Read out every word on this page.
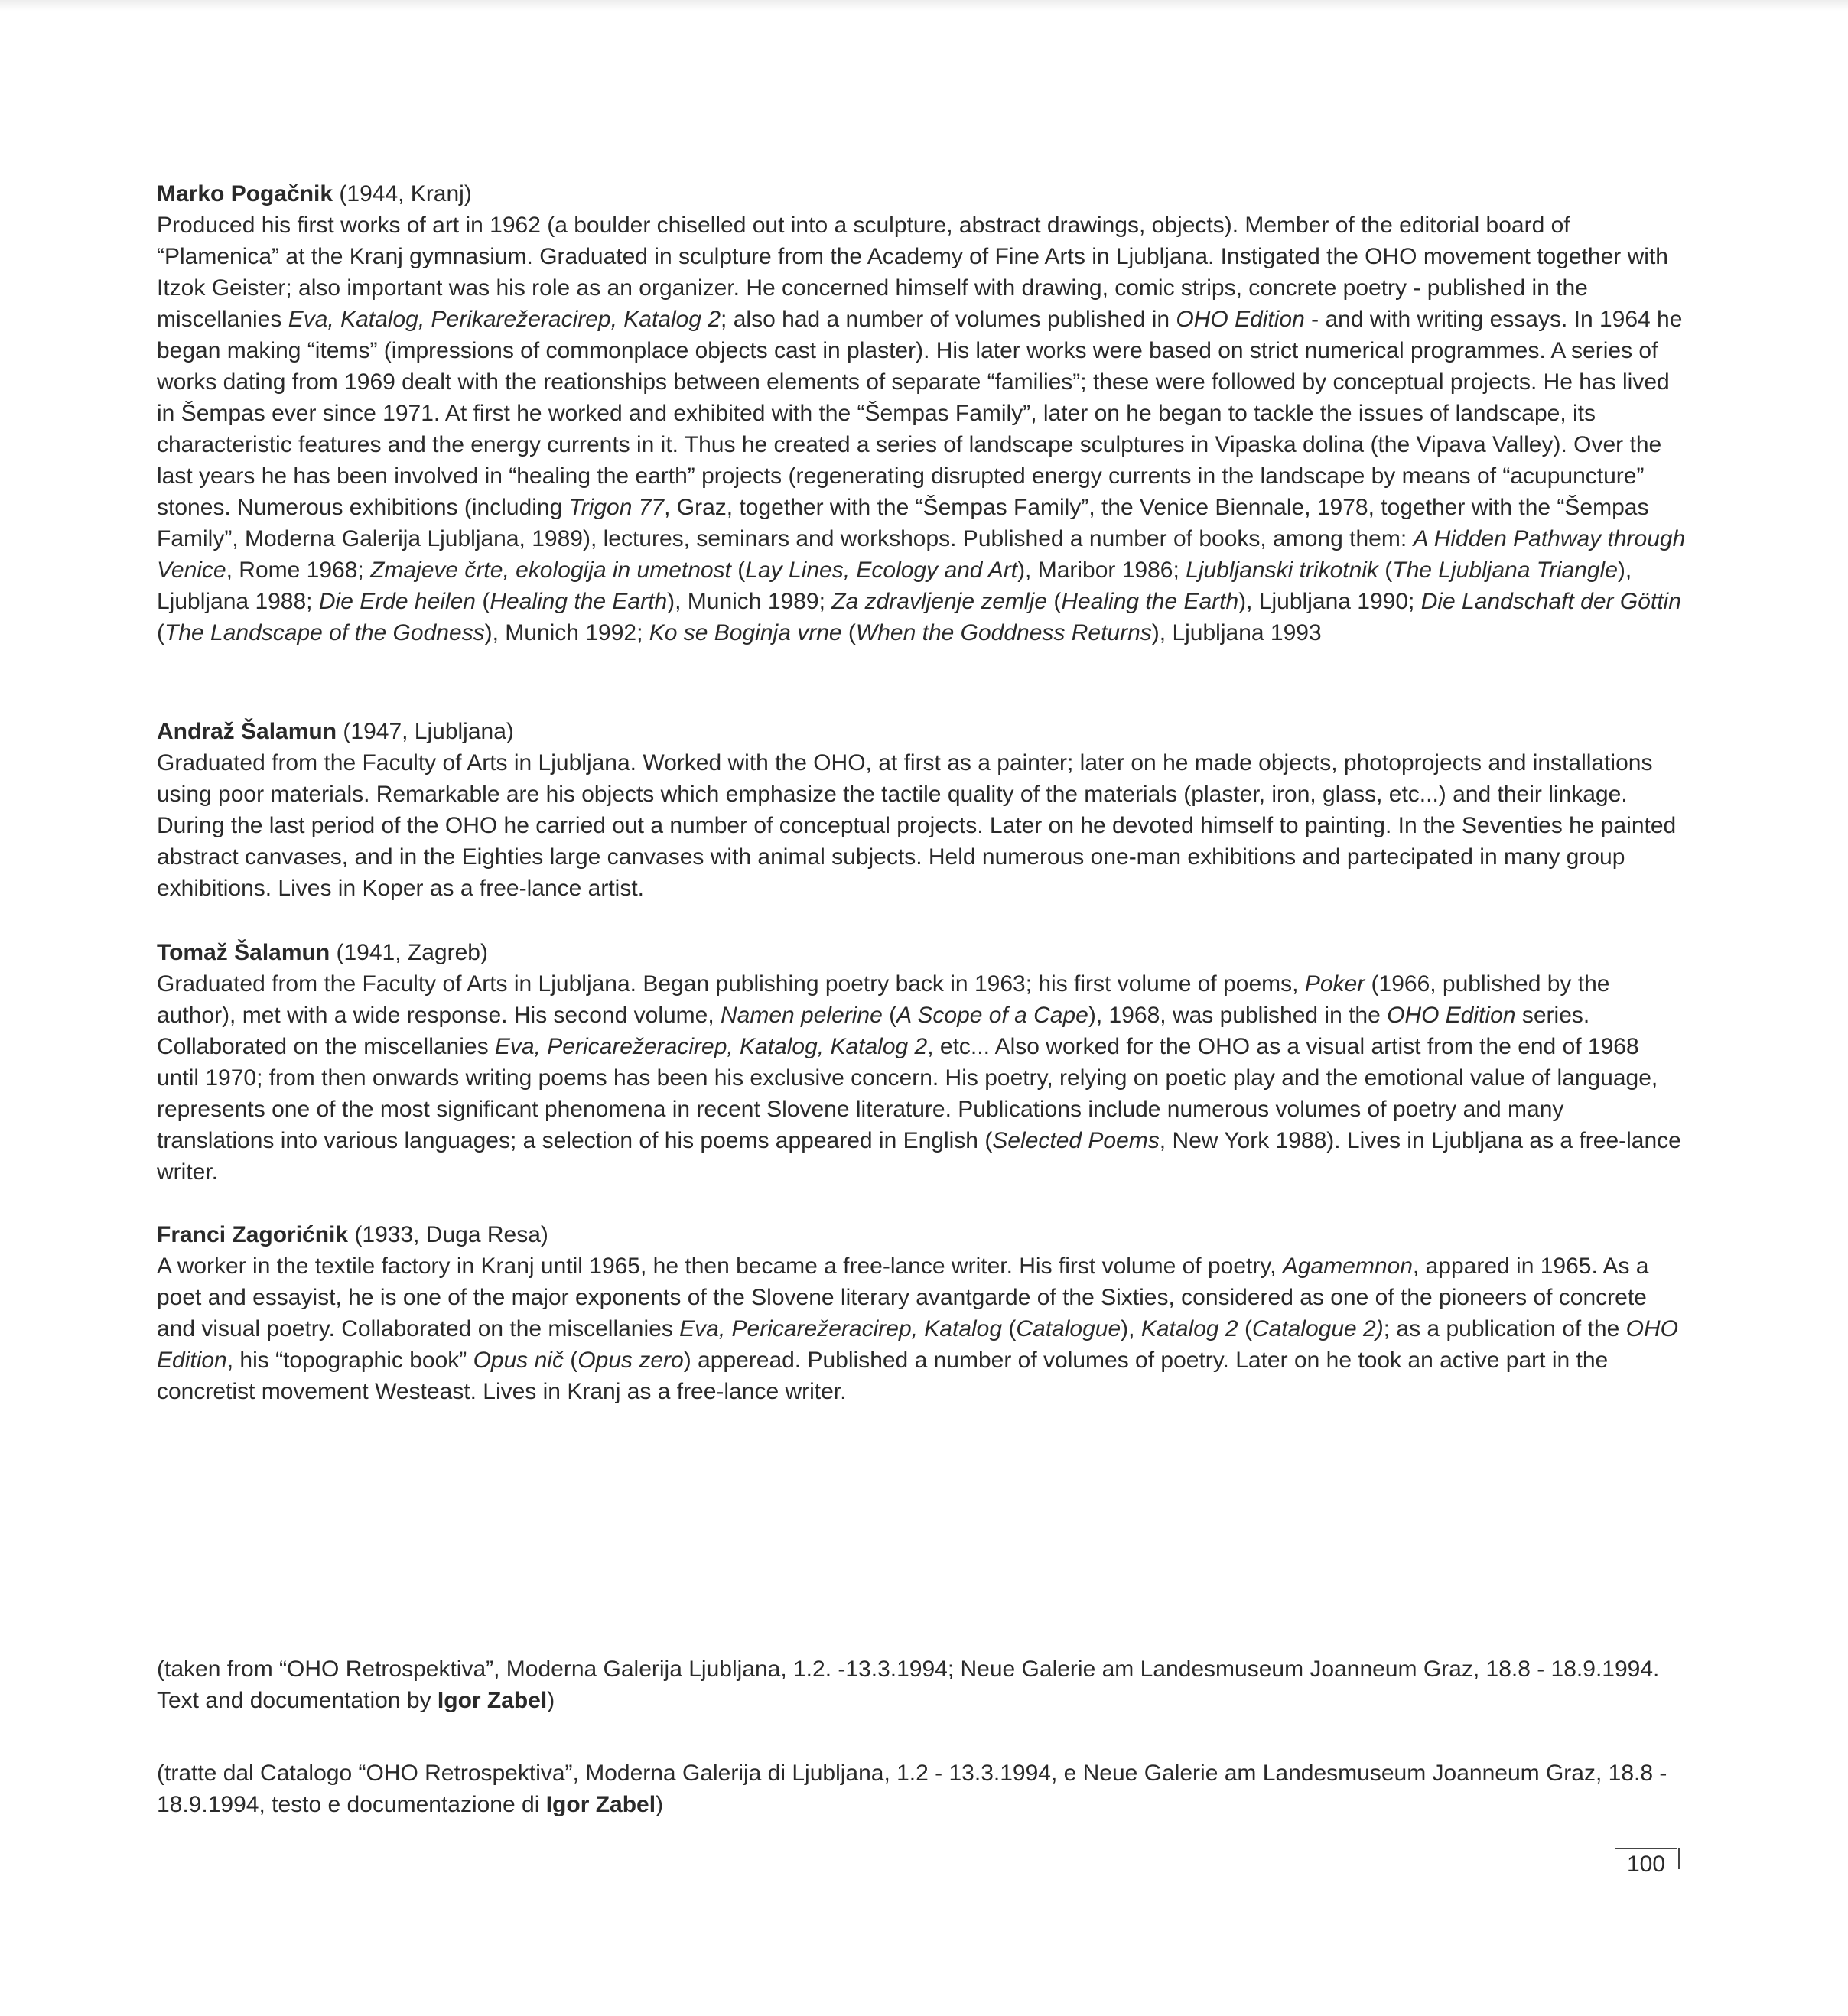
Marko Pogačnik (1944, Kranj)

Produced his first works of art in 1962 (a boulder chiselled out into a sculpture, abstract drawings, objects). Member of the editorial board of “Plamenica” at the Kranj gymnasium. Graduated in sculpture from the Academy of Fine Arts in Ljubljana. Instigated the OHO movement together with Itzok Geister; also important was his role as an organizer. He concerned himself with drawing, comic strips, concrete poetry - published in the miscellanies Eva, Katalog, Perikarežeracirep, Katalog 2; also had a number of volumes published in OHO Edition - and with writing essays. In 1964 he began making “items” (impressions of commonplace objects cast in plaster). His later works were based on strict numerical programmes. A series of works dating from 1969 dealt with the reationships between elements of separate “families”; these were followed by conceptual projects. He has lived in Šempas ever since 1971. At first he worked and exhibited with the “Šempas Family”, later on he began to tackle the issues of landscape, its characteristic features and the energy currents in it. Thus he created a series of landscape sculptures in Vipaska dolina (the Vipava Valley). Over the last years he has been involved in “healing the earth” projects (regenerating disrupted energy currents in the landscape by means of “acupuncture” stones. Numerous exhibitions (including Trigon 77, Graz, together with the “Šempas Family”, the Venice Biennale, 1978, together with the “Šempas Family”, Moderna Galerija Ljubljana, 1989), lectures, seminars and workshops. Published a number of books, among them: A Hidden Pathway through Venice, Rome 1968; Zmajeve črte, ekologija in umetnost (Lay Lines, Ecology and Art), Maribor 1986; Ljubljanski trikotnik (The Ljubljana Triangle), Ljubljana 1988; Die Erde heilen (Healing the Earth), Munich 1989; Za zdravljenje zemlje (Healing the Earth), Ljubljana 1990; Die Landschaft der Göttin (The Landscape of the Godness), Munich 1992; Ko se Boginja vrne (When the Goddness Returns), Ljubljana 1993

Andraž Šalamun (1947, Ljubljana)

Graduated from the Faculty of Arts in Ljubljana. Worked with the OHO, at first as a painter; later on he made objects, photoprojects and installations using poor materials. Remarkable are his objects which emphasize the tactile quality of the materials (plaster, iron, glass, etc...) and their linkage. During the last period of the OHO he carried out a number of conceptual projects. Later on he devoted himself to painting. In the Seventies he painted abstract canvases, and in the Eighties large canvases with animal subjects. Held numerous one-man exhibitions and partecipated in many group exhibitions. Lives in Koper as a free-lance artist.

Tomaž Šalamun (1941, Zagreb)

Graduated from the Faculty of Arts in Ljubljana. Began publishing poetry back in 1963; his first volume of poems, Poker (1966, published by the author), met with a wide response. His second volume, Namen pelerine (A Scope of a Cape), 1968, was published in the OHO Edition series. Collaborated on the miscellanies Eva, Pericarežeracirep, Katalog, Katalog 2, etc... Also worked for the OHO as a visual artist from the end of 1968 until 1970; from then onwards writing poems has been his exclusive concern. His poetry, relying on poetic play and the emotional value of language, represents one of the most significant phenomena in recent Slovene literature. Publications include numerous volumes of poetry and many translations into various languages; a selection of his poems appeared in English (Selected Poems, New York 1988). Lives in Ljubljana as a free-lance writer.

Franci Zagorićnik (1933, Duga Resa)

A worker in the textile factory in Kranj until 1965, he then became a free-lance writer. His first volume of poetry, Agamemnon, appared in 1965. As a poet and essayist, he is one of the major exponents of the Slovene literary avantgarde of the Sixties, considered as one of the pioneers of concrete and visual poetry. Collaborated on the miscellanies Eva, Pericarežeracirep, Katalog (Catalogue), Katalog 2 (Catalogue 2); as a publication of the OHO Edition, his “topographic book” Opus nič (Opus zero) apperead. Published a number of volumes of poetry. Later on he took an active part in the concretist movement Westeast. Lives in Kranj as a free-lance writer.

(taken from “OHO Retrospektiva”, Moderna Galerija Ljubljana, 1.2. -13.3.1994; Neue Galerie am Landesmuseum Joanneum Graz, 18.8 - 18.9.1994. Text and documentation by Igor Zabel)

(tratte dal Catalogo “OHO Retrospektiva”, Moderna Galerija di Ljubljana, 1.2 - 13.3.1994, e Neue Galerie am Landesmuseum Joanneum Graz, 18.8 - 18.9.1994, testo e documentazione di Igor Zabel)

100
